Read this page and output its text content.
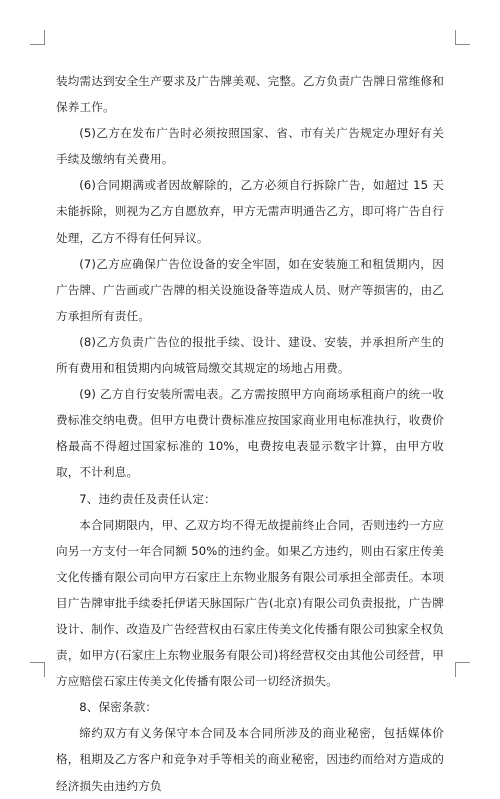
装均需达到安全生产要求及广告牌美观、完整。乙方负责广告牌日常维修和保养工作。

(5)乙方在发布广告时必须按照国家、省、市有关广告规定办理好有关手续及缴纳有关费用。

(6)合同期满或者因故解除的，乙方必须自行拆除广告，如超过 15 天未能拆除，则视为乙方自愿放弃，甲方无需声明通告乙方，即可将广告自行处理，乙方不得有任何异议。

(7)乙方应确保广告位设备的安全牢固，如在安装施工和租赁期内，因广告牌、广告画或广告牌的相关设施设备等造成人员、财产等损害的，由乙方承担所有责任。

(8)乙方负责广告位的报批手续、设计、建设、安装，并承担所产生的所有费用和租赁期内向城管局缴交其规定的场地占用费。

(9) 乙方自行安装所需电表。乙方需按照甲方向商场承租商户的统一收费标准交纳电费。但甲方电费计费标准应按国家商业用电标准执行，收费价格最高不得超过国家标准的 10%，电费按电表显示数字计算，由甲方收取，不计利息。

7、违约责任及责任认定：

本合同期限内，甲、乙双方均不得无故提前终止合同，否则违约一方应向另一方支付一年合同额 50%的违约金。如果乙方违约，则由石家庄传美文化传播有限公司向甲方石家庄上东物业服务有限公司承担全部责任。本项目广告牌审批手续委托伊诺天脉国际广告(北京)有限公司负责报批，广告牌设计、制作、改造及广告经营权由石家庄传美文化传播有限公司独家全权负责，如甲方(石家庄上东物业服务有限公司)将经营权交由其他公司经营，甲方应赔偿石家庄传美文化传播有限公司一切经济损失。

8、保密条款：

缔约双方有义务保守本合同及本合同所涉及的商业秘密，包括媒体价格，租期及乙方客户和竞争对手等相关的商业秘密，因违约而给对方造成的经济损失由违约方负
